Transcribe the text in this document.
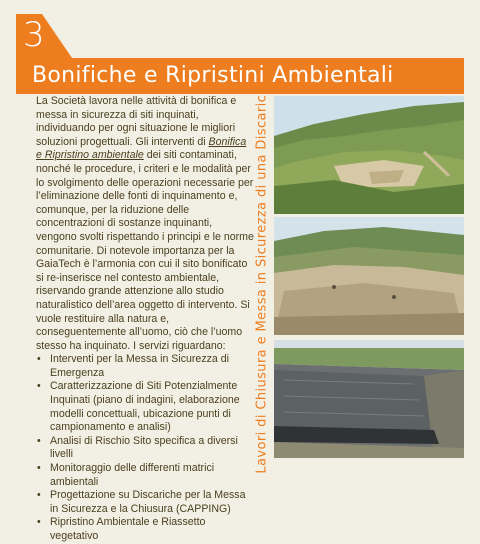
3
Bonifiche e Ripristini Ambientali

La Società lavora nelle attività di bonifica e messa in sicurezza di siti inquinati, individuando per ogni situazione le migliori soluzioni progettuali. Gli interventi di Bonifica e Ripristino ambientale dei siti contaminati, nonché le procedure, i criteri e le modalità per lo svolgimento delle operazioni necessarie per l’eliminazione delle fonti di inquinamento e, comunque, per la riduzione delle concentrazioni di sostanze inquinanti, vengono svolti rispettando i principi e le norme comunitarie. Di notevole importanza per la GaiaTech è l’armonia con cui il sito bonificato si re-inserisce nel contesto ambientale, riservando grande attenzione allo studio naturalistico dell’area oggetto di intervento. Si vuole restituire alla natura e, conseguentemente all’uomo, ciò che l’uomo stesso ha inquinato. I servizi riguardano:

• Interventi per la Messa in Sicurezza di Emergenza
• Caratterizzazione di Siti Potenzialmente Inquinati (piano di indagini, elaborazione modelli concettuali, ubicazione punti di campionamento e analisi)
• Analisi di Rischio Sito specifica a diversi livelli
• Monitoraggio delle differenti matrici ambientali
• Progettazione su Discariche per la Messa in Sicurezza e la Chiusura (CAPPING)
• Ripristino Ambientale e Riassetto vegetativo
Lavori di Chiusura e Messa in Sicurezza di una Discarica
